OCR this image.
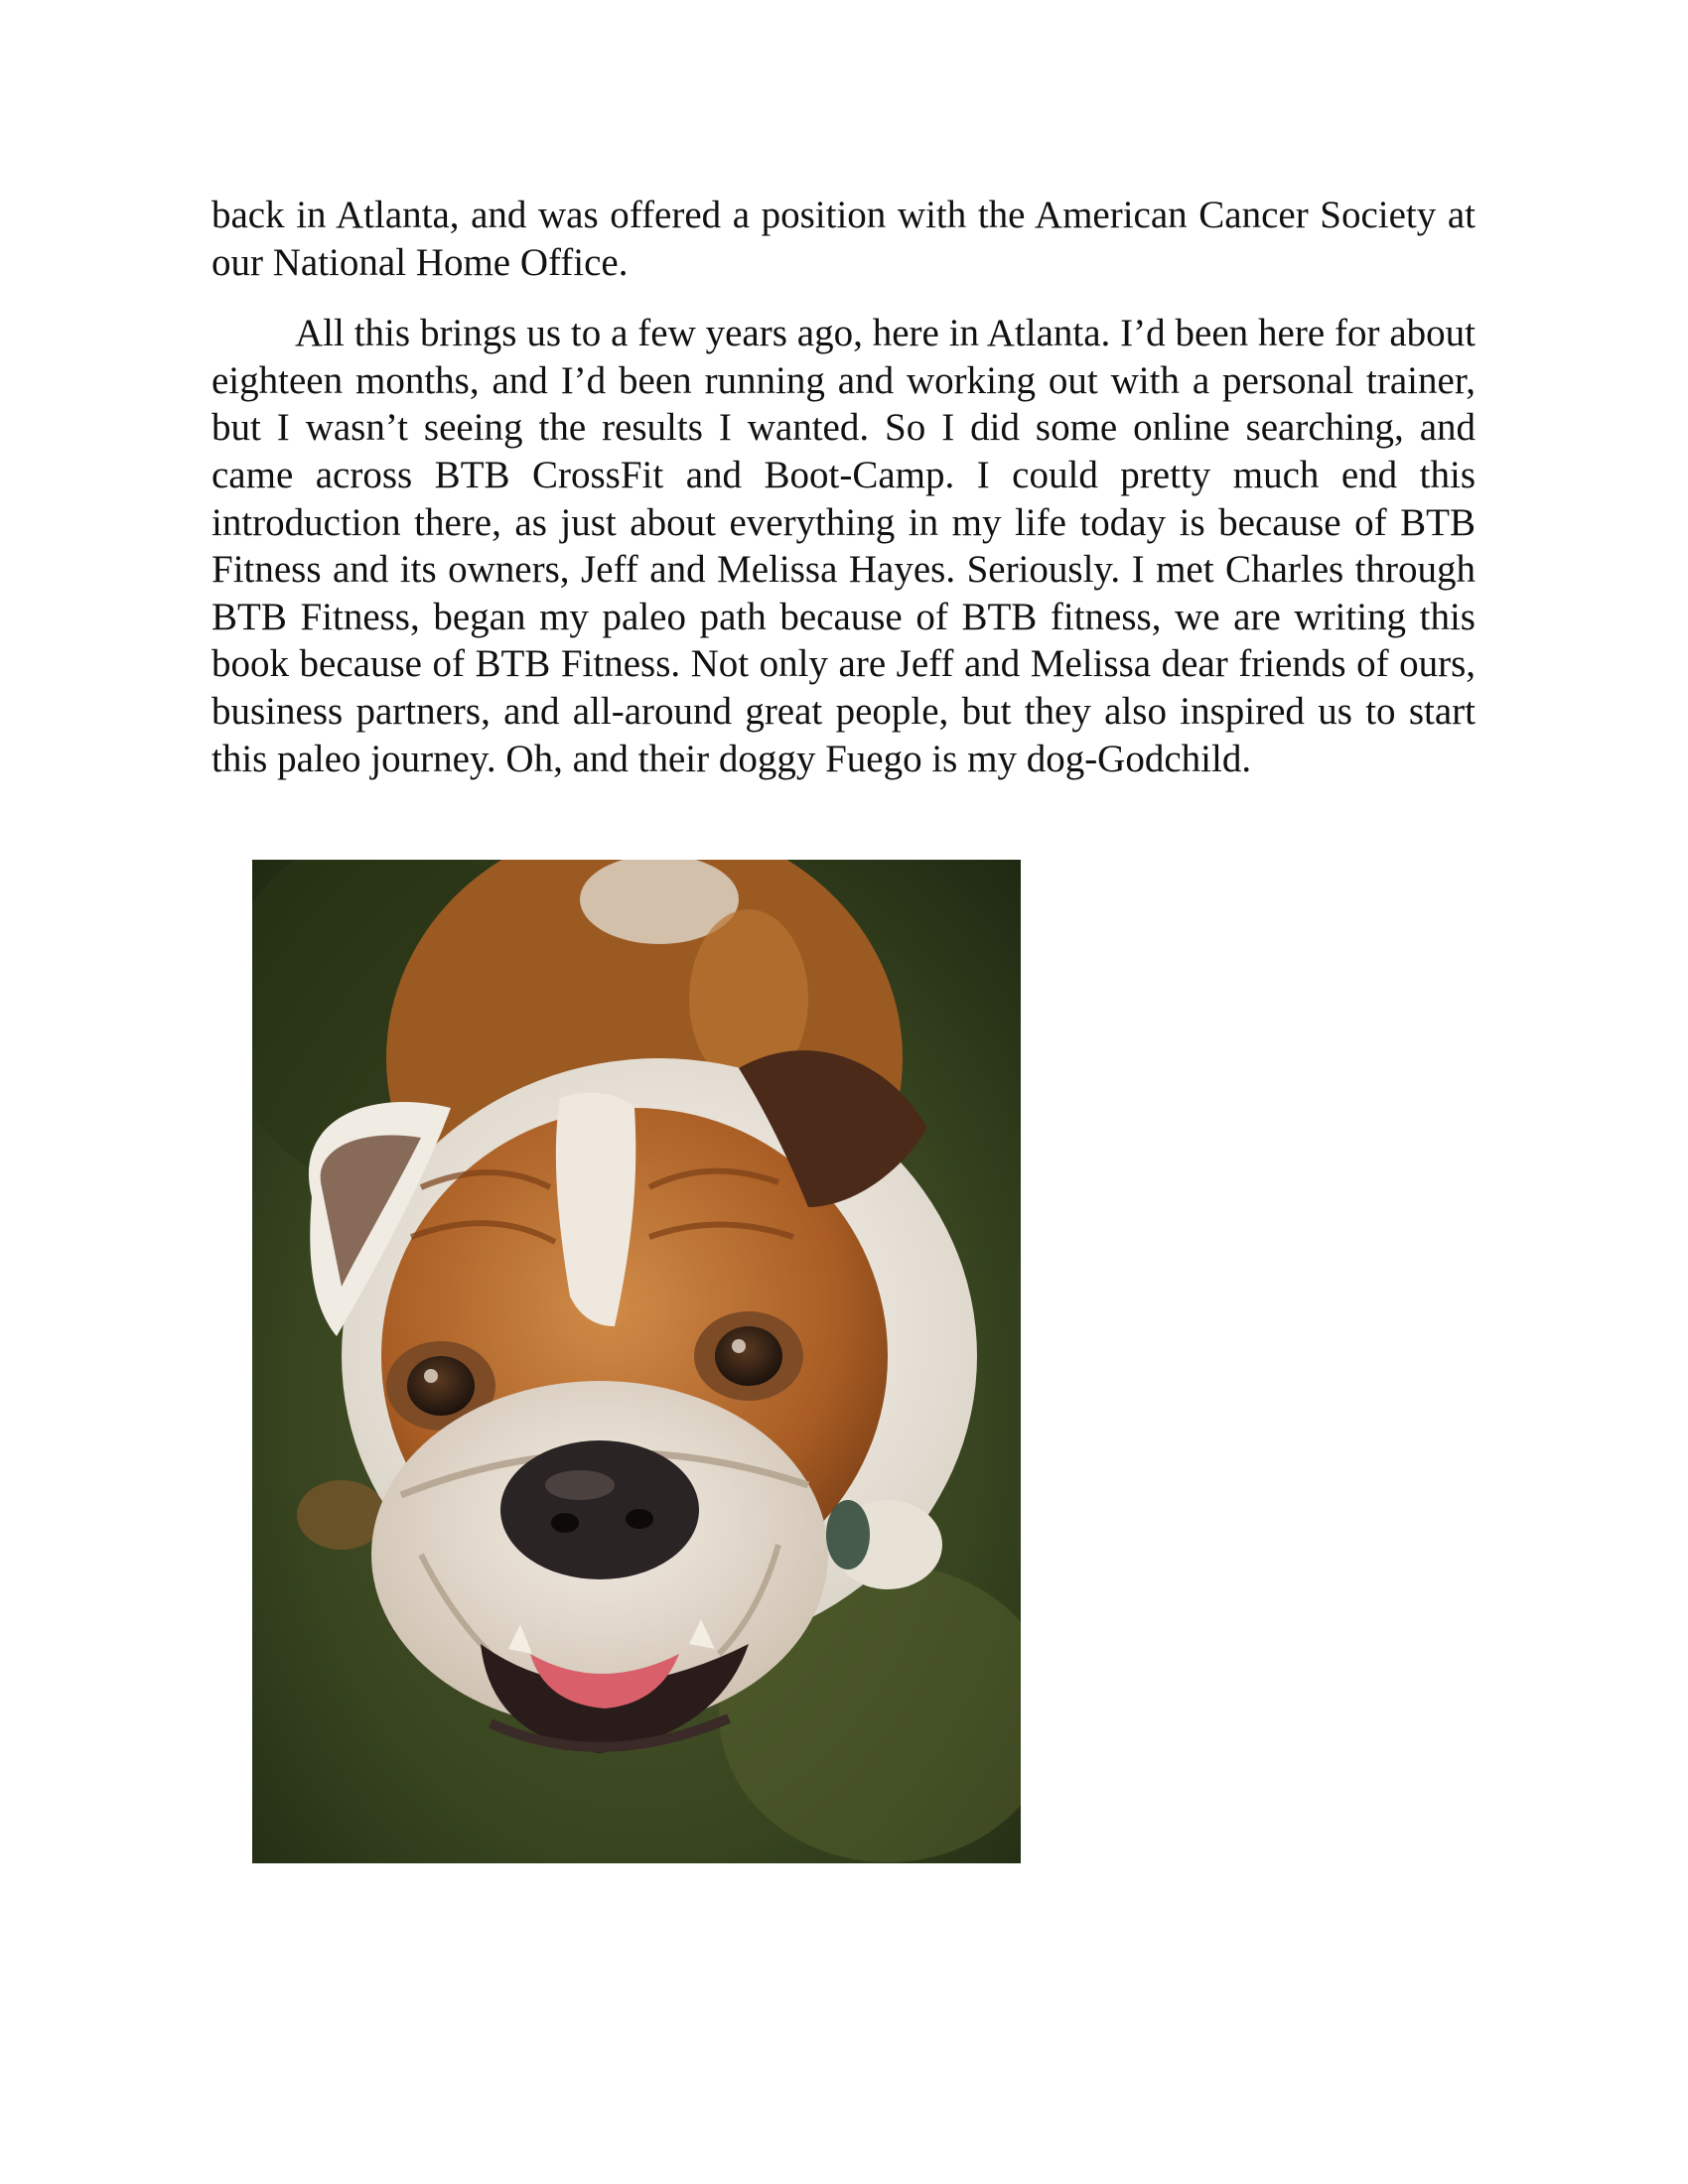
back in Atlanta, and was offered a position with the American Cancer Society at our National Home Office.

All this brings us to a few years ago, here in Atlanta. I’d been here for about eighteen months, and I’d been running and working out with a personal trainer, but I wasn’t seeing the results I wanted. So I did some online searching, and came across BTB CrossFit and Boot-Camp. I could pretty much end this introduction there, as just about everything in my life today is because of BTB Fitness and its owners, Jeff and Melissa Hayes. Seriously. I met Charles through BTB Fitness, began my paleo path because of BTB fitness, we are writing this book because of BTB Fitness. Not only are Jeff and Melissa dear friends of ours, business partners, and all-around great people, but they also inspired us to start this paleo journey. Oh, and their doggy Fuego is my dog-Godchild.
